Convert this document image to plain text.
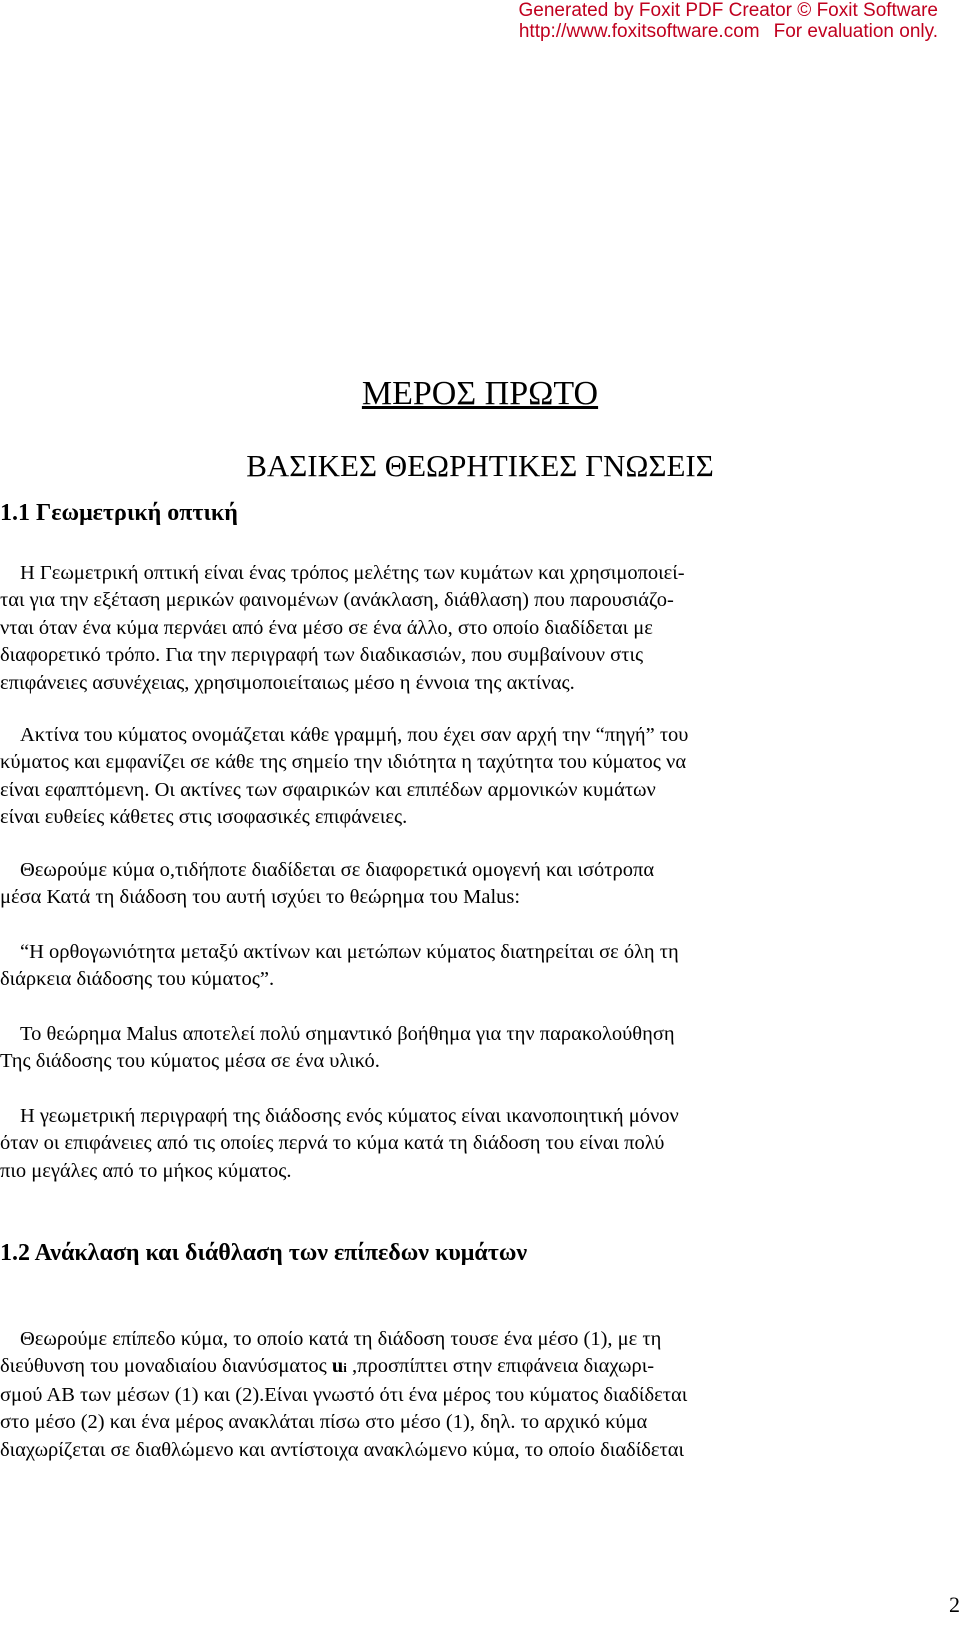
Generated by Foxit PDF Creator © Foxit Software
http://www.foxitsoftware.com For evaluation only.
ΜΕΡΟΣ ΠΡΩΤΟ
ΒΑΣΙΚΕΣ ΘΕΩΡΗΤΙΚΕΣ ΓΝΩΣΕΙΣ
1.1 Γεωμετρική οπτική
Η Γεωμετρική οπτική είναι ένας τρόπος μελέτης των κυμάτων και χρησιμοποιεί-
ται για την εξέταση μερικών φαινομένων (ανάκλαση, διάθλαση) που παρουσιάζο-
νται όταν ένα κύμα περνάει από ένα μέσο σε ένα άλλο, στο οποίο διαδίδεται με
διαφορετικό τρόπο. Για την περιγραφή των διαδικασιών, που συμβαίνουν στις
επιφάνειες ασυνέχειας, χρησιμοποιείταιως μέσο η έννοια της ακτίνας.
Ακτίνα του κύματος ονομάζεται κάθε γραμμή, που έχει σαν αρχή την “πηγή” του
κύματος και εμφανίζει σε κάθε της σημείο την ιδιότητα η ταχύτητα του κύματος να
είναι εφαπτόμενη. Οι ακτίνες των σφαιρικών και επιπέδων αρμονικών κυμάτων
είναι ευθείες κάθετες στις ισοφασικές επιφάνειες.
Θεωρούμε κύμα ο,τιδήποτε διαδίδεται σε διαφορετικά ομογενή και ισότροπα
μέσα Κατά τη διάδοση του αυτή ισχύει το θεώρημα του Malus:
“Η ορθογωνιότητα μεταξύ ακτίνων και μετώπων κύματος διατηρείται σε όλη τη
διάρκεια διάδοσης του κύματος”.
Το θεώρημα Malus αποτελεί πολύ σημαντικό βοήθημα για την παρακολούθηση
Της διάδοσης του κύματος μέσα σε ένα υλικό.
Η γεωμετρική περιγραφή της διάδοσης ενός κύματος είναι ικανοποιητική μόνον
όταν οι επιφάνειες από τις οποίες περνά το κύμα κατά τη διάδοση του είναι πολύ
πιο μεγάλες από το μήκος κύματος.
1.2 Ανάκλαση και διάθλαση των επίπεδων κυμάτων
Θεωρούμε επίπεδο κύμα, το οποίο κατά τη διάδοση τουσε ένα μέσο (1), με τη
διεύθυνση του μοναδιαίου διανύσματος ui ,προσπίπτει στην επιφάνεια διαχωρι-
σμού ΑΒ των μέσων (1) και (2).Είναι γνωστό ότι ένα μέρος του κύματος διαδίδεται
στο μέσο (2) και ένα μέρος ανακλάται πίσω στο μέσο (1), δηλ. το αρχικό κύμα
διαχωρίζεται σε διαθλώμενο και αντίστοιχα ανακλώμενο κύμα, το οποίο διαδίδεται
2
